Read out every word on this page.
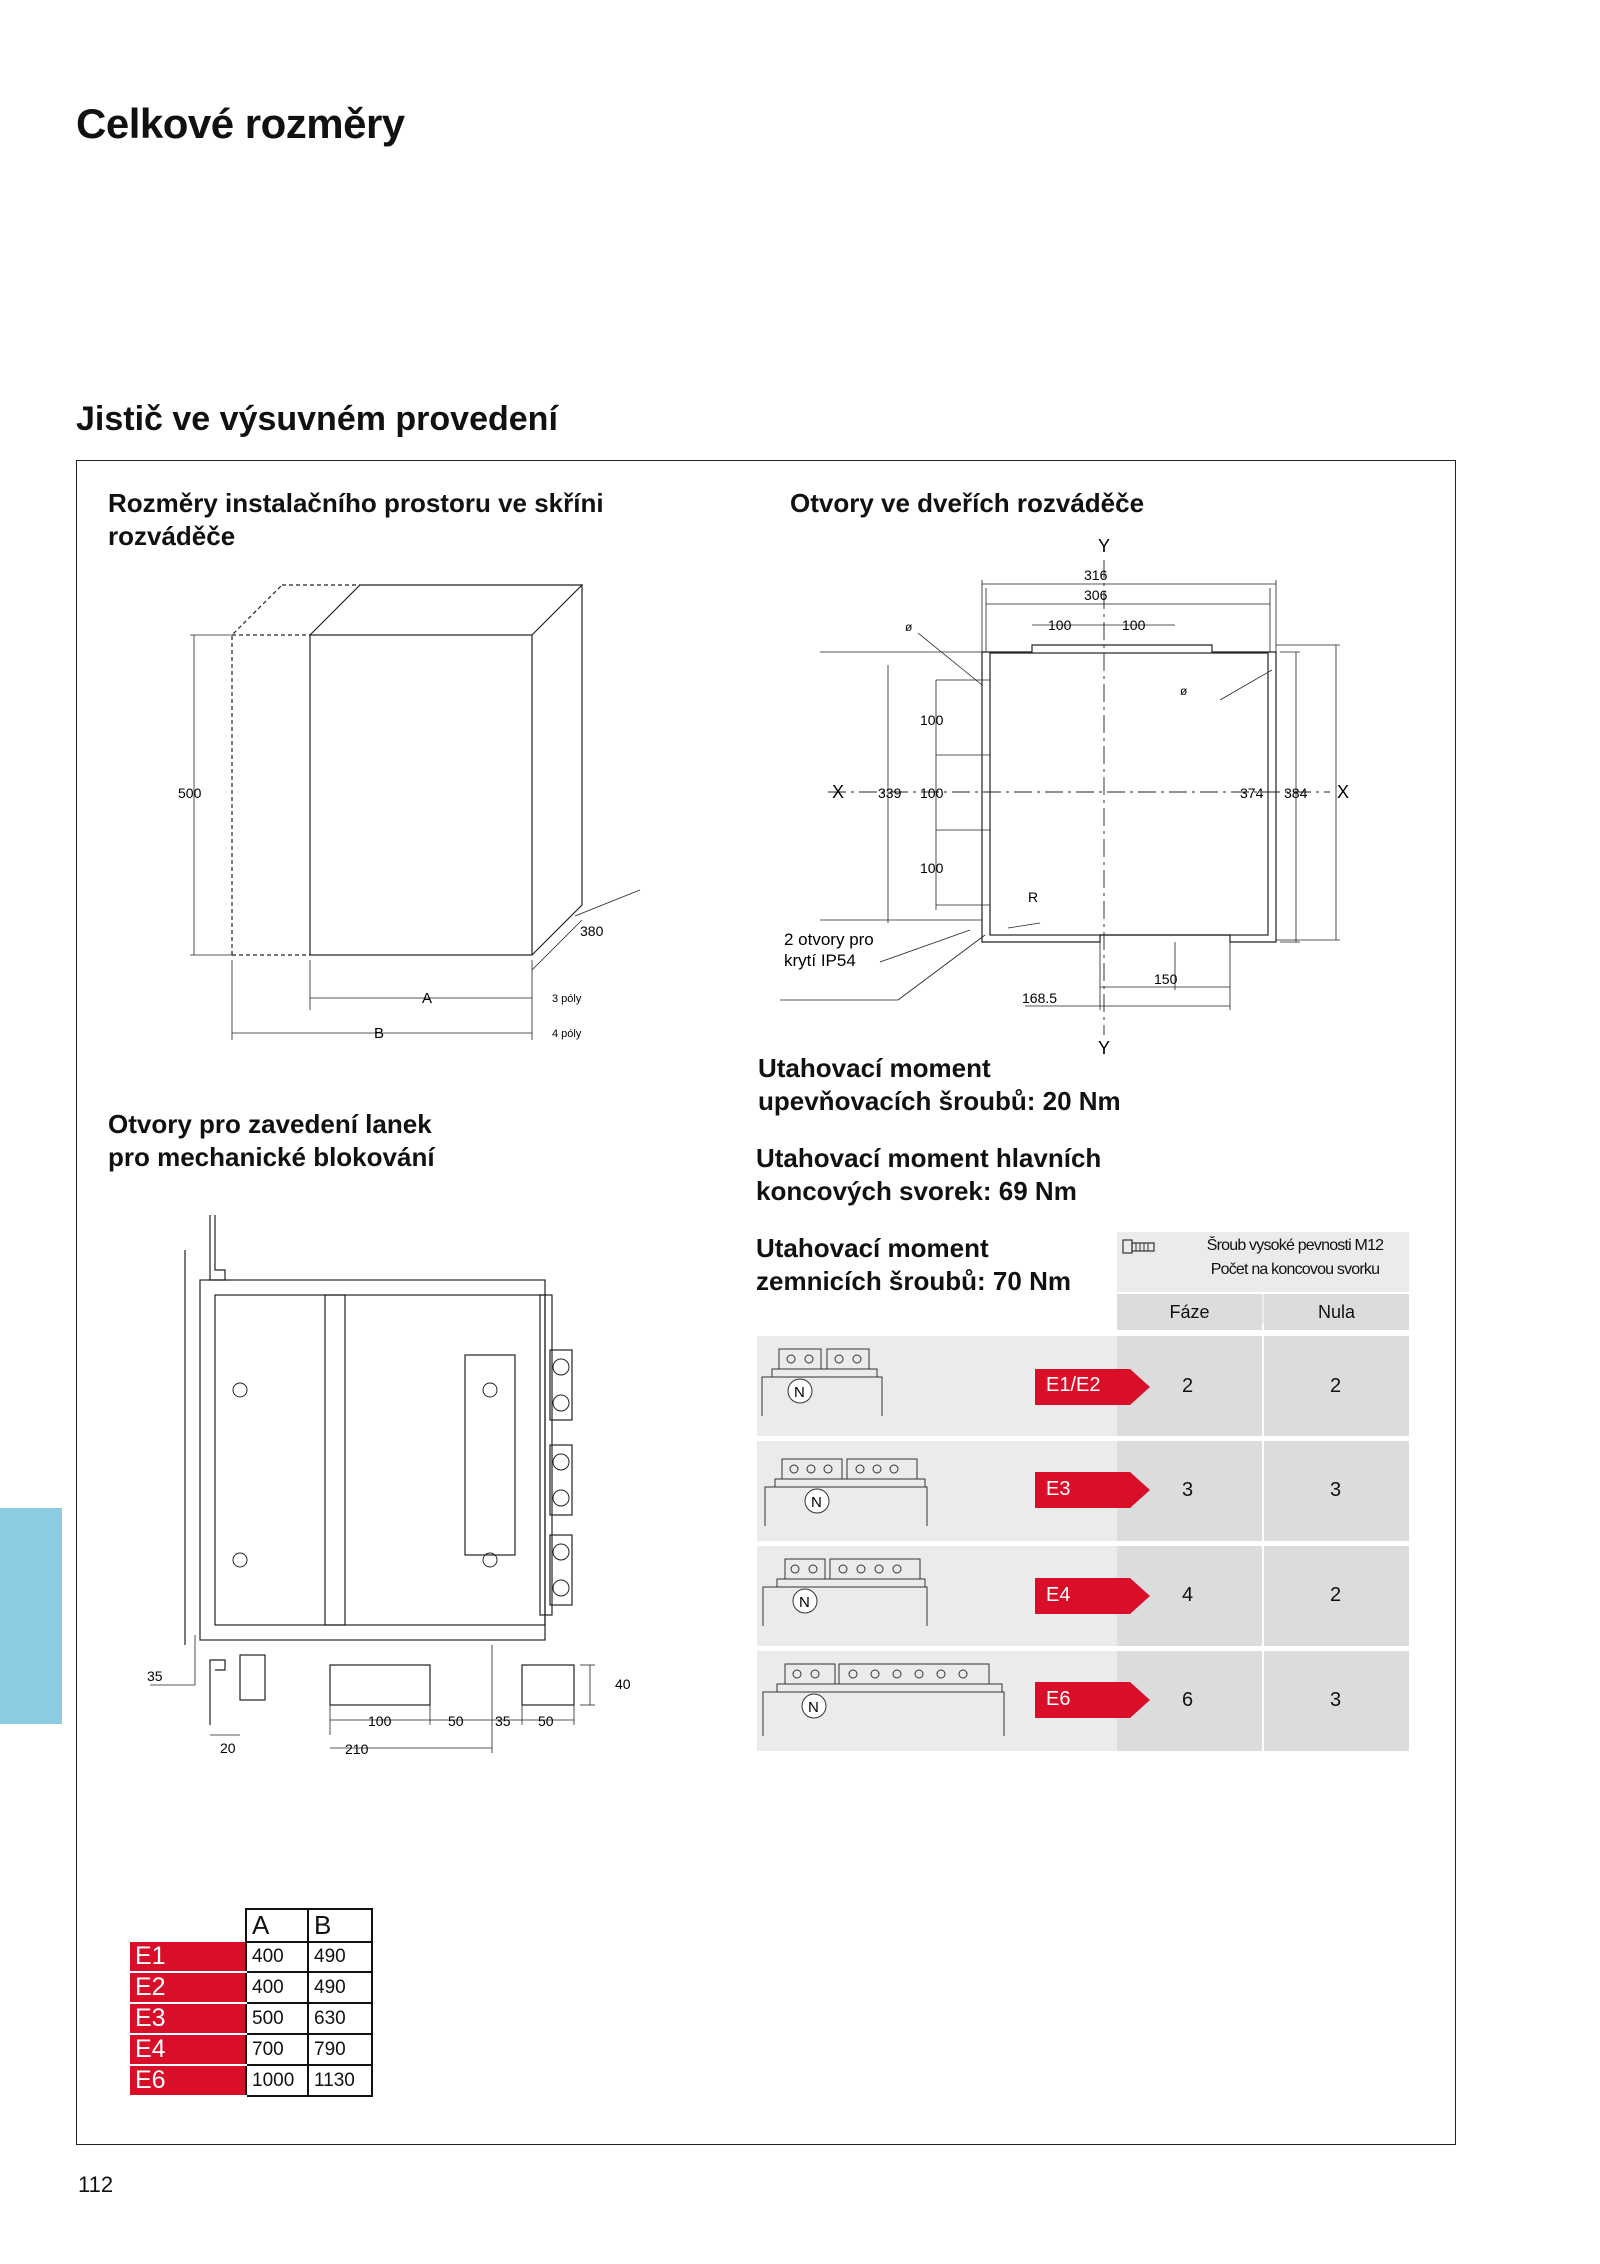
Celkové rozměry
Jistič ve výsuvném provedení
Rozměry instalačního prostoru ve skříni
rozváděče
Otvory ve dveřích rozváděče
Otvory pro zavedení lanek
pro mechanické blokování
Utahovací moment
upevňovacích šroubů: 20 Nm
Utahovací moment hlavních
koncových svorek: 69 Nm
Utahovací moment
zemnicích šroubů: 70 Nm
500
380
A
B
3 póly
4 póly
Y
Y
X	X
316
306
100	100
ø
ø
100
100
100
339	374 384
R
150
168.5
2 otvory pro
krytí IP54
35
20
40
100	50 35 50
210
Šroub vysoké pevnosti M12
Počet na koncovou svorku
Fáze	Nula
E1/E2	2	2
N
E3	3	3
N
E4	4	2
N
E6	6	3
N
	A	B
E1	400	490
E2	400	490
E3	500	630
E4	700	790
E6	1000	1130
112
